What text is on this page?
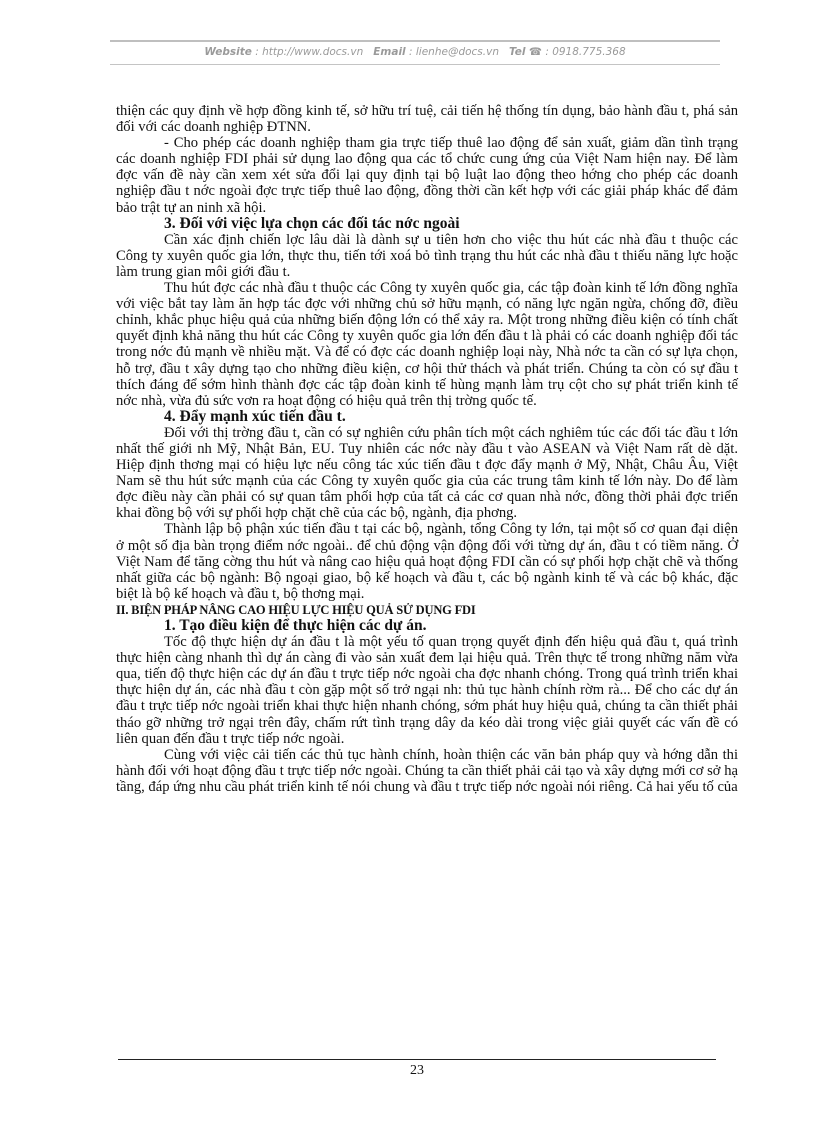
Website : http://www.docs.vn Email : lienhe@docs.vn Tel ☎ : 0918.775.368

thiện các quy định về hợp đồng kinh tế, sở hữu trí tuệ, cải tiến hệ thống tín dụng, bảo hành đầu t, phá sản đối với các doanh nghiệp ĐTNN.

- Cho phép các doanh nghiệp tham gia trực tiếp thuê lao động để sản xuất, giảm dần tình trạng các doanh nghiệp FDI phải sử dụng lao động qua các tổ chức cung ứng của Việt Nam hiện nay. Để làm đợc vấn đề này cần xem xét sửa đổi lại quy định tại bộ luật lao động theo hớng cho phép các doanh nghiệp đầu t nớc ngoài đợc trực tiếp thuê lao động, đồng thời cần kết hợp với các giải pháp khác để đảm bảo trật tự an ninh xã hội.

3. Đối với việc lựa chọn các đối tác nớc ngoài

Cần xác định chiến lợc lâu dài là dành sự u tiên hơn cho việc thu hút các nhà đầu t thuộc các Công ty xuyên quốc gia lớn, thực thu, tiến tới xoá bỏ tình trạng thu hút các nhà đầu t thiếu năng lực hoặc làm trung gian môi giới đầu t.

Thu hút đợc các nhà đầu t thuộc các Công ty xuyên quốc gia, các tập đoàn kinh tế lớn đồng nghĩa với việc bắt tay làm ăn hợp tác đợc với những chủ sở hữu mạnh, có năng lực ngăn ngừa, chống đỡ, điều chỉnh, khắc phục hiệu quả của những biến động lớn có thể xảy ra. Một trong những điều kiện có tính chất quyết định khả năng thu hút các Công ty xuyên quốc gia lớn đến đầu t là phải có các doanh nghiệp đối tác trong nớc đủ mạnh về nhiều mặt. Và để có đợc các doanh nghiệp loại này, Nhà nớc ta cần có sự lựa chọn, hỗ trợ, đầu t xây dựng tạo cho những điều kiện, cơ hội thử thách và phát triển. Chúng ta còn có sự đầu t thích đáng để sớm hình thành đợc các tập đoàn kinh tế hùng mạnh làm trụ cột cho sự phát triển kinh tế nớc nhà, vừa đủ sức vơn ra hoạt động có hiệu quả trên thị trờng quốc tế.

4. Đẩy mạnh xúc tiến đầu t.

Đối với thị trờng đầu t, cần có sự nghiên cứu phân tích một cách nghiêm túc các đối tác đầu t lớn nhất thế giới nh Mỹ, Nhật Bản, EU. Tuy nhiên các nớc này đầu t vào ASEAN và Việt Nam rất dè dặt. Hiệp định thơng mại có hiệu lực nếu công tác xúc tiến đầu t đợc đẩy mạnh ở Mỹ, Nhật, Châu Âu, Việt Nam sẽ thu hút sức mạnh của các Công ty xuyên quốc gia của các trung tâm kinh tế lớn này. Do để làm đợc điều này cần phải có sự quan tâm phối hợp của tất cả các cơ quan nhà nớc, đồng thời phải đợc triển khai đồng bộ với sự phối hợp chặt chẽ của các bộ, ngành, địa phơng.

Thành lập bộ phận xúc tiến đầu t tại các bộ, ngành, tổng Công ty lớn, tại một số cơ quan đại diện ở một số địa bàn trọng điểm nớc ngoài.. để chủ động vận động đối với từng dự án, đầu t có tiềm năng. Ở Việt Nam để tăng cờng thu hút và nâng cao hiệu quả hoạt động FDI cần có sự phối hợp chặt chẽ và thống nhất giữa các bộ ngành: Bộ ngoại giao, bộ kế hoạch và đầu t, các bộ ngành kinh tế và các bộ khác, đặc biệt là bộ kế hoạch và đầu t, bộ thơng mại.

II. BIỆN PHÁP NÂNG CAO HIỆU LỰC HIỆU QUẢ SỬ DỤNG FDI

1. Tạo điều kiện để thực hiện các dự án.

Tốc độ thực hiện dự án đầu t là một yếu tố quan trọng quyết định đến hiệu quả đầu t, quá trình thực hiện càng nhanh thì dự án càng đi vào sản xuất đem lại hiệu quả. Trên thực tế trong những năm vừa qua, tiến độ thực hiện các dự án đầu t trực tiếp nớc ngoài cha đợc nhanh chóng. Trong quá trình triển khai thực hiện dự án, các nhà đầu t còn gặp một số trở ngại nh: thủ tục hành chính rờm rà... Để cho các dự án đầu t trực tiếp nớc ngoài triển khai thực hiện nhanh chóng, sớm phát huy hiệu quả, chúng ta cần thiết phải tháo gỡ những trở ngại trên đây, chấm rứt tình trạng dây da kéo dài trong việc giải quyết các vấn đề có liên quan đến đầu t trực tiếp nớc ngoài.

Cùng với việc cải tiến các thủ tục hành chính, hoàn thiện các văn bản pháp quy và hớng dẫn thi hành đối với hoạt động đầu t trực tiếp nớc ngoài. Chúng ta cần thiết phải cải tạo và xây dựng mới cơ sở hạ tầng, đáp ứng nhu cầu phát triển kinh tế nói chung và đầu t trực tiếp nớc ngoài nói riêng. Cả hai yếu tố của

23
